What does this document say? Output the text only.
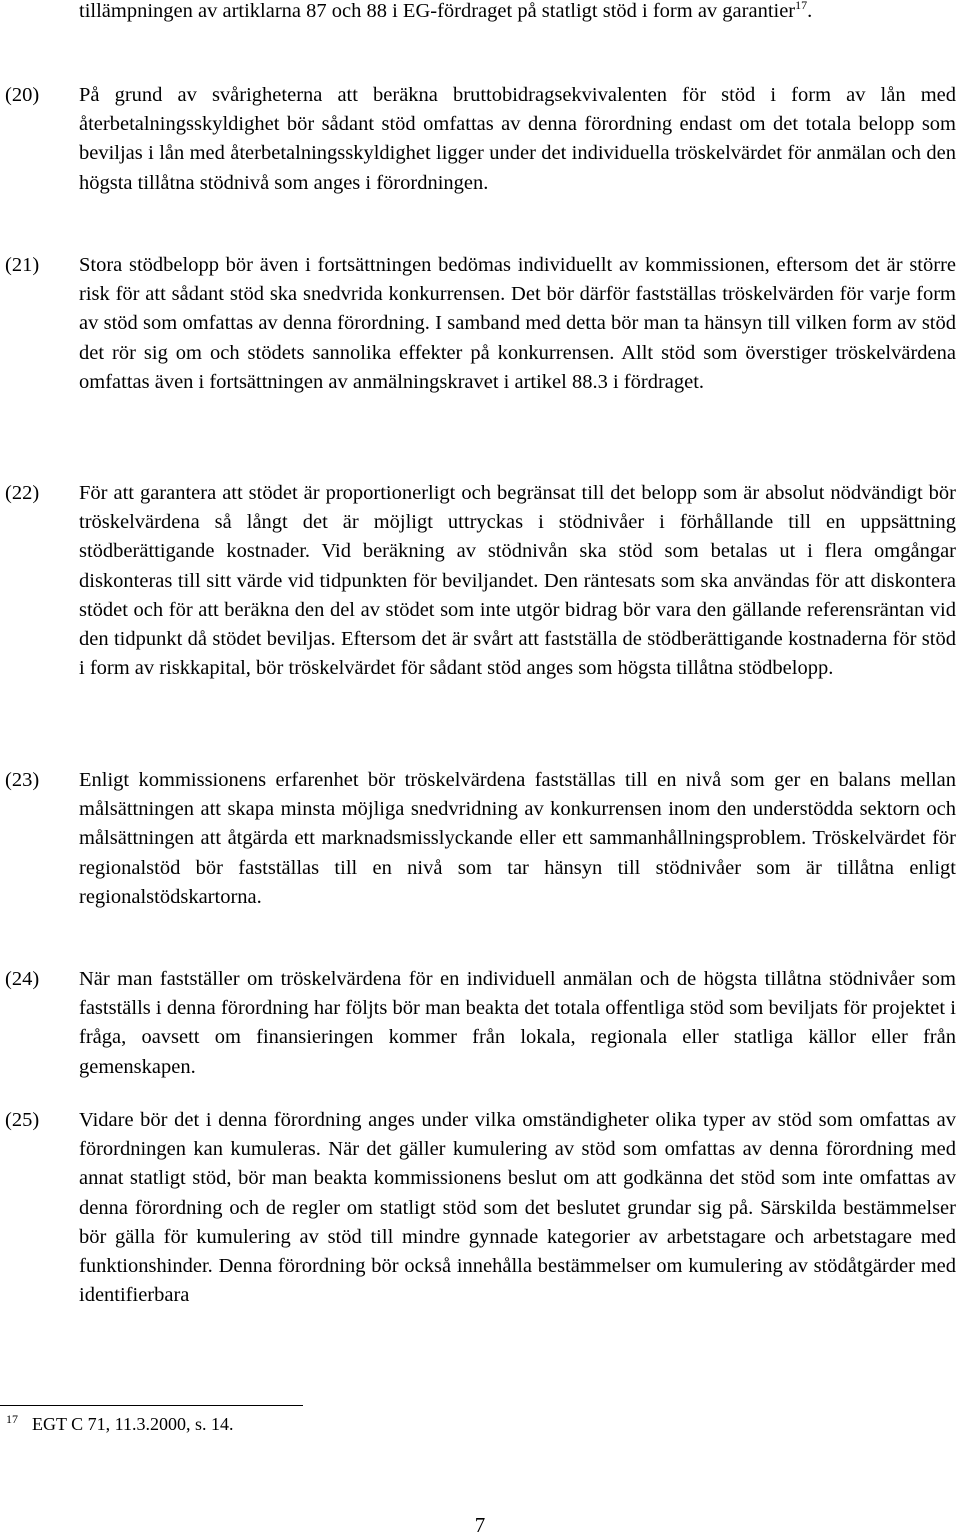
tillämpningen av artiklarna 87 och 88 i EG-fördraget på statligt stöd i form av garantier$^{17}$.
(20) På grund av svårigheterna att beräkna bruttobidragsekvivalenten för stöd i form av lån med återbetalningsskyldighet bör sådant stöd omfattas av denna förordning endast om det totala belopp som beviljas i lån med återbetalningsskyldighet ligger under det individuella tröskelvärdet för anmälan och den högsta tillåtna stödnivå som anges i förordningen.
(21) Stora stödbelopp bör även i fortsättningen bedömas individuellt av kommissionen, eftersom det är större risk för att sådant stöd ska snedvrida konkurrensen. Det bör därför fastställas tröskelvärden för varje form av stöd som omfattas av denna förordning. I samband med detta bör man ta hänsyn till vilken form av stöd det rör sig om och stödets sannolika effekter på konkurrensen. Allt stöd som överstiger tröskelvärdena omfattas även i fortsättningen av anmälningskravet i artikel 88.3 i fördraget.
(22) För att garantera att stödet är proportionerligt och begränsat till det belopp som är absolut nödvändigt bör tröskelvärdena så långt det är möjligt uttryckas i stödnivåer i förhållande till en uppsättning stödberättigande kostnader. Vid beräkning av stödnivån ska stöd som betalas ut i flera omgångar diskonteras till sitt värde vid tidpunkten för beviljandet. Den räntesats som ska användas för att diskontera stödet och för att beräkna den del av stödet som inte utgör bidrag bör vara den gällande referensräntan vid den tidpunkt då stödet beviljas. Eftersom det är svårt att fastställa de stödberättigande kostnaderna för stöd i form av riskkapital, bör tröskelvärdet för sådant stöd anges som högsta tillåtna stödbelopp.
(23) Enligt kommissionens erfarenhet bör tröskelvärdena fastställas till en nivå som ger en balans mellan målsättningen att skapa minsta möjliga snedvridning av konkurrensen inom den understödda sektorn och målsättningen att åtgärda ett marknadsmisslyckande eller ett sammanhållningsproblem. Tröskelvärdet för regionalstöd bör fastställas till en nivå som tar hänsyn till stödnivåer som är tillåtna enligt regionalstödskartorna.
(24) När man fastställer om tröskelvärdena för en individuell anmälan och de högsta tillåtna stödnivåer som fastställs i denna förordning har följts bör man beakta det totala offentliga stöd som beviljats för projektet i fråga, oavsett om finansieringen kommer från lokala, regionala eller statliga källor eller från gemenskapen.
(25) Vidare bör det i denna förordning anges under vilka omständigheter olika typer av stöd som omfattas av förordningen kan kumuleras. När det gäller kumulering av stöd som omfattas av denna förordning med annat statligt stöd, bör man beakta kommissionens beslut om att godkänna det stöd som inte omfattas av denna förordning och de regler om statligt stöd som det beslutet grundar sig på. Särskilda bestämmelser bör gälla för kumulering av stöd till mindre gynnade kategorier av arbetstagare och arbetstagare med funktionshinder. Denna förordning bör också innehålla bestämmelser om kumulering av stödåtgärder med identifierbara
$^{17}$ EGT C 71, 11.3.2000, s. 14.
7
